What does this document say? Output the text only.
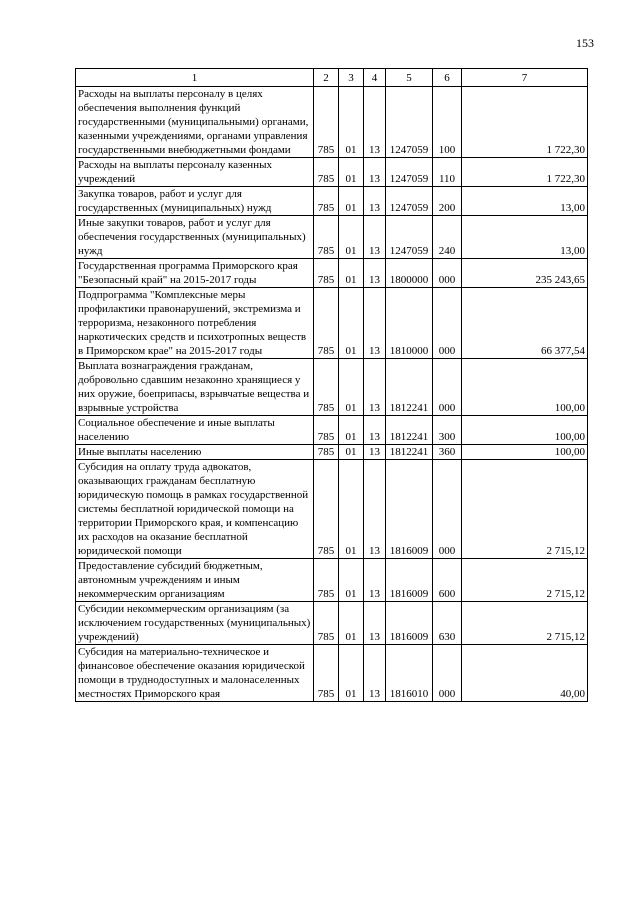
153
1	2	3	4	5	6	7
Расходы на выплаты персоналу в целях обеспечения выполнения функций государственными (муниципальными) органами, казенными учреждениями, органами управления государственными внебюджетными фондами	785	01	13	1247059	100	1 722,30
Расходы на выплаты персоналу казенных учреждений	785	01	13	1247059	110	1 722,30
Закупка товаров, работ и услуг для государственных (муниципальных) нужд	785	01	13	1247059	200	13,00
Иные закупки товаров, работ и услуг для обеспечения государственных (муниципальных) нужд	785	01	13	1247059	240	13,00
Государственная программа Приморского края "Безопасный край" на 2015-2017 годы	785	01	13	1800000	000	235 243,65
Подпрограмма "Комплексные меры профилактики правонарушений, экстремизма и терроризма, незаконного потребления наркотических средств и психотропных веществ в Приморском крае" на 2015-2017 годы	785	01	13	1810000	000	66 377,54
Выплата вознаграждения гражданам, добровольно сдавшим незаконно хранящиеся у них оружие, боеприпасы, взрывчатые вещества и взрывные устройства	785	01	13	1812241	000	100,00
Социальное обеспечение и иные выплаты населению	785	01	13	1812241	300	100,00
Иные выплаты населению	785	01	13	1812241	360	100,00
Субсидия на оплату труда адвокатов, оказывающих гражданам бесплатную юридическую помощь в рамках государственной системы бесплатной юридической помощи на территории Приморского края, и компенсацию их расходов на оказание бесплатной юридической помощи	785	01	13	1816009	000	2 715,12
Предоставление субсидий бюджетным, автономным учреждениям и иным некоммерческим организациям	785	01	13	1816009	600	2 715,12
Субсидии некоммерческим организациям (за исключением государственных (муниципальных) учреждений)	785	01	13	1816009	630	2 715,12
Субсидия на материально-техническое и финансовое обеспечение оказания юридической помощи в труднодоступных и малонаселенных местностях Приморского края	785	01	13	1816010	000	40,00
